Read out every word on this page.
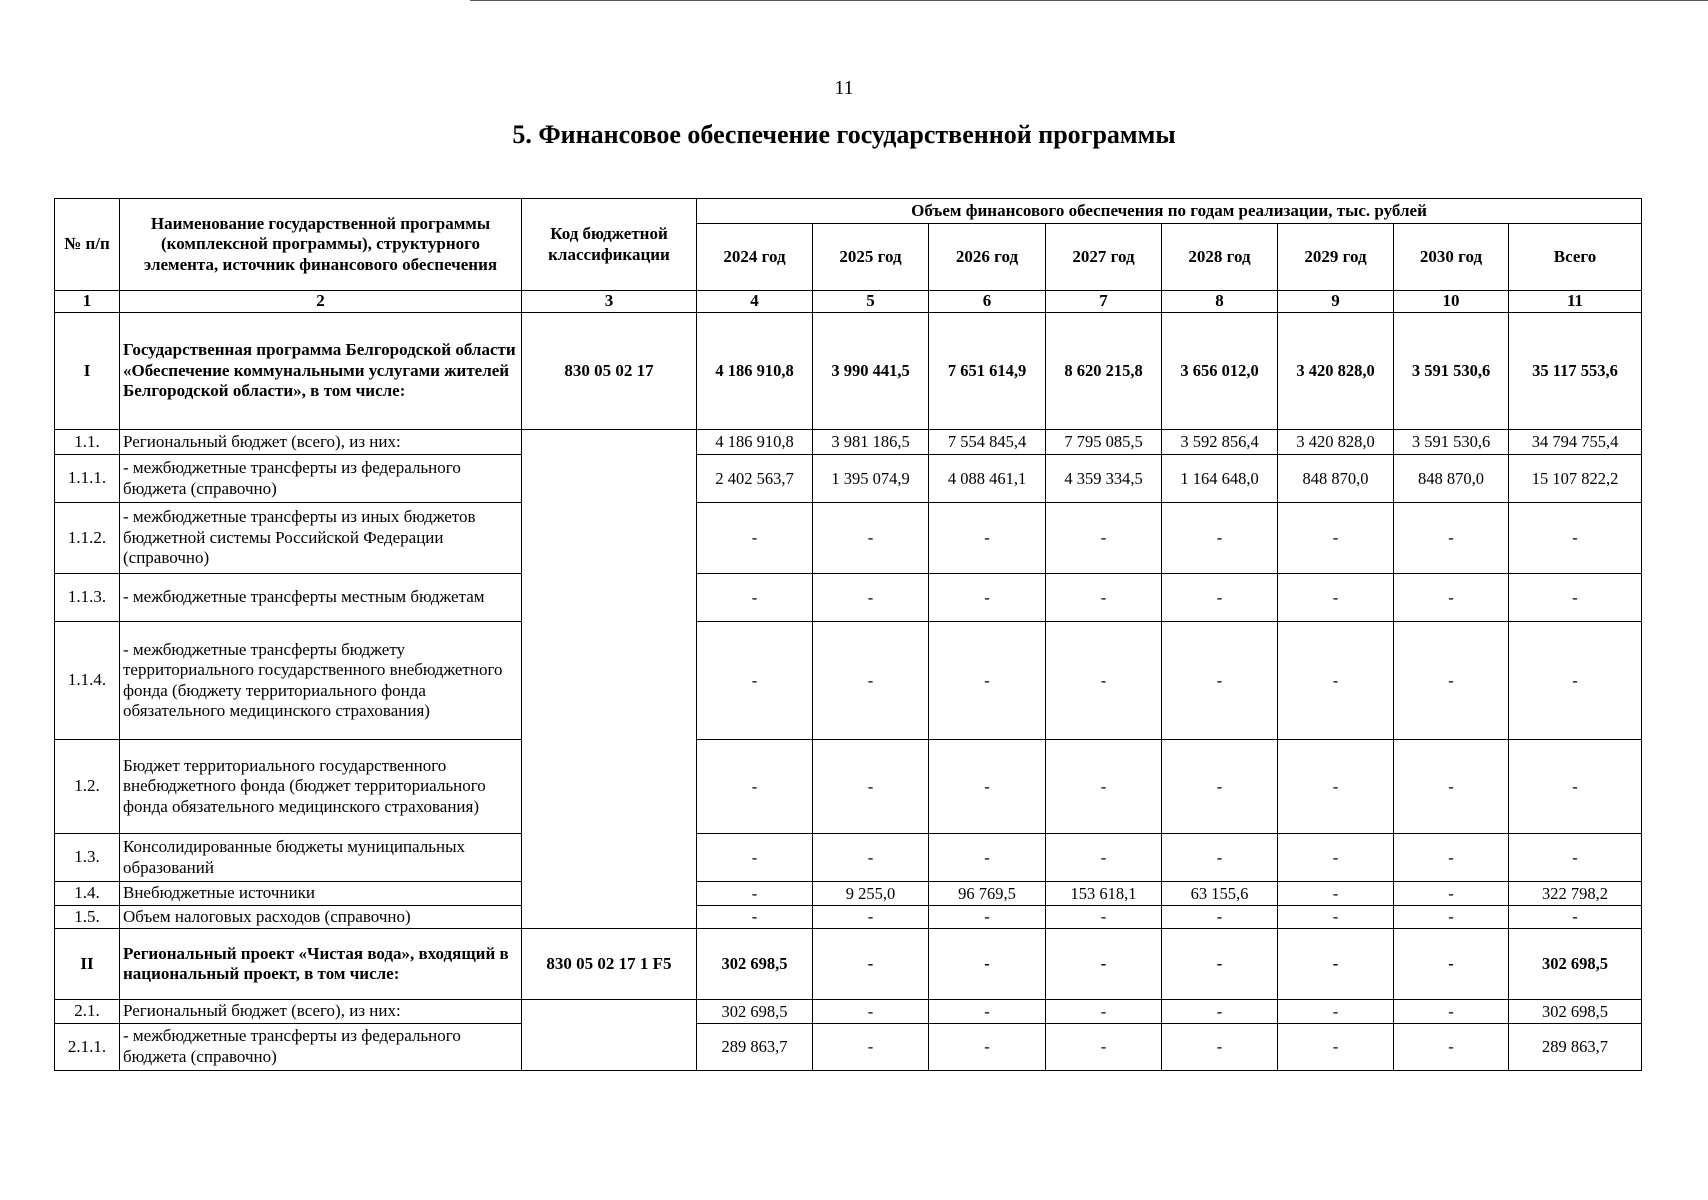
11
5. Финансовое обеспечение государственной программы
№ п/п	Наименование государственной программы (комплексной программы), структурного элемента, источник финансового обеспечения	Код бюджетной классификации	Объем финансового обеспечения по годам реализации, тыс. рублей							
			2024 год	2025 год	2026 год	2027 год	2028 год	2029 год	2030 год	Всего
1	2	3	4	5	6	7	8	9	10	11
I	Государственная программа Белгородской области «Обеспечение коммунальными услугами жителей Белгородской области», в том числе:	830 05 02 17	4 186 910,8	3 990 441,5	7 651 614,9	8 620 215,8	3 656 012,0	3 420 828,0	3 591 530,6	35 117 553,6
1.1.	Региональный бюджет (всего), из них:		4 186 910,8	3 981 186,5	7 554 845,4	7 795 085,5	3 592 856,4	3 420 828,0	3 591 530,6	34 794 755,4
1.1.1.	- межбюджетные трансферты из федерального бюджета (справочно)		2 402 563,7	1 395 074,9	4 088 461,1	4 359 334,5	1 164 648,0	848 870,0	848 870,0	15 107 822,2
1.1.2.	- межбюджетные трансферты из иных бюджетов бюджетной системы Российской Федерации (справочно)		-	-	-	-	-	-	-	-
1.1.3.	- межбюджетные трансферты местным бюджетам		-	-	-	-	-	-	-	-
1.1.4.	- межбюджетные трансферты бюджету территориального государственного внебюджетного фонда (бюджету территориального фонда обязательного медицинского страхования)		-	-	-	-	-	-	-	-
1.2.	Бюджет территориального государственного внебюджетного фонда (бюджет территориального фонда обязательного медицинского страхования)		-	-	-	-	-	-	-	-
1.3.	Консолидированные бюджеты муниципальных образований		-	-	-	-	-	-	-	-
1.4.	Внебюджетные источники		-	9 255,0	96 769,5	153 618,1	63 155,6	-	-	322 798,2
1.5.	Объем налоговых расходов (справочно)		-	-	-	-	-	-	-	-
II	Региональный проект «Чистая вода», входящий в национальный проект, в том числе:	830 05 02 17 1 F5	302 698,5	-	-	-	-	-	-	302 698,5
2.1.	Региональный бюджет (всего), из них:		302 698,5	-	-	-	-	-	-	302 698,5
2.1.1.	- межбюджетные трансферты из федерального бюджета (справочно)		289 863,7	-	-	-	-	-	-	289 863,7
